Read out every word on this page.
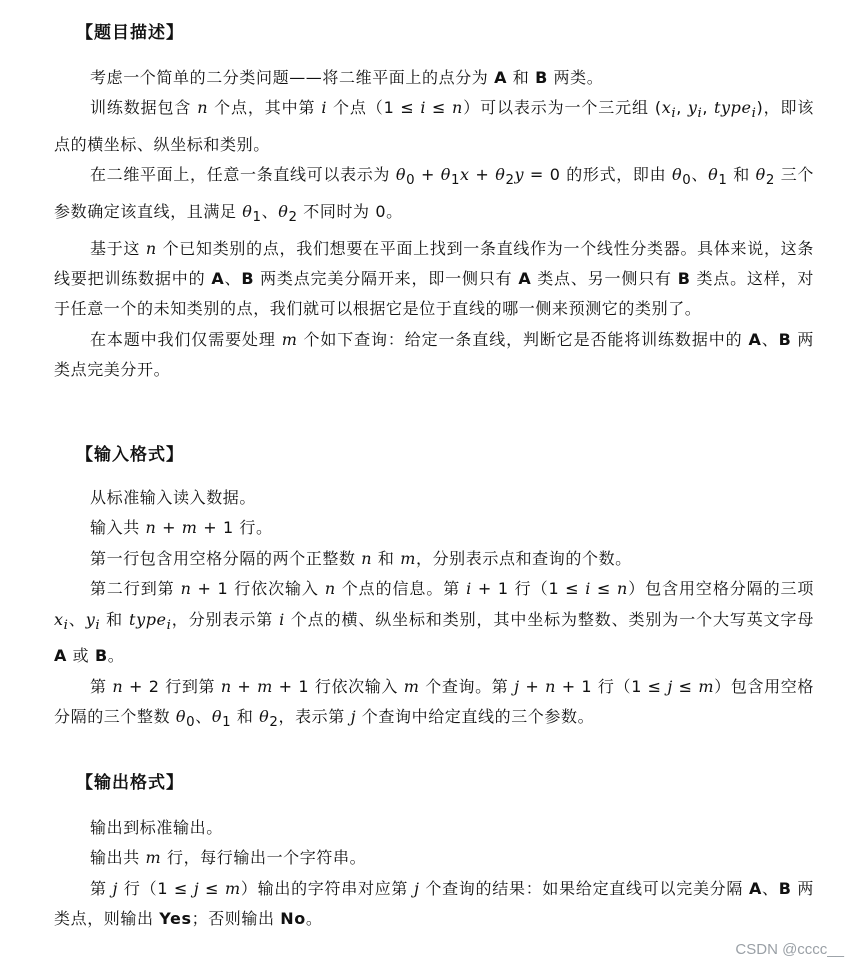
【题目描述】

考虑一个简单的二分类问题——将二维平面上的点分为 A 和 B 两类。

训练数据包含 n 个点，其中第 i 个点（1 ≤ i ≤ n）可以表示为一个三元组 ($x_i$, $y_i$, type$_i$)，即该点的横坐标、纵坐标和类别。

在二维平面上，任意一条直线可以表示为 $\theta_0 + \theta_1x + \theta_2y = 0$ 的形式，即由 $\theta_0$、$\theta_1$ 和 $\theta_2$ 三个参数确定该直线，且满足 $\theta_1$、$\theta_2$ 不同时为 0。

基于这 n 个已知类别的点，我们想要在平面上找到一条直线作为一个线性分类器。具体来说，这条线要把训练数据中的 A、B 两类点完美分隔开来，即一侧只有 A 类点、另一侧只有 B 类点。这样，对于任意一个的未知类别的点，我们就可以根据它是位于直线的哪一侧来预测它的类别了。

在本题中我们仅需要处理 m 个如下查询：给定一条直线，判断它是否能将训练数据中的 A、B 两类点完美分开。

【输入格式】

从标准输入读入数据。

输入共 n + m + 1 行。

第一行包含用空格分隔的两个正整数 n 和 m，分别表示点和查询的个数。

第二行到第 n + 1 行依次输入 n 个点的信息。第 i + 1 行（1 ≤ i ≤ n）包含用空格分隔的三项 $x_i$、$y_i$ 和 type$_i$，分别表示第 i 个点的横、纵坐标和类别，其中坐标为整数、类别为一个大写英文字母 A 或 B。

第 n + 2 行到第 n + m + 1 行依次输入 m 个查询。第 j + n + 1 行（1 ≤ j ≤ m）包含用空格分隔的三个整数 $\theta_0$、$\theta_1$ 和 $\theta_2$，表示第 j 个查询中给定直线的三个参数。

【输出格式】

输出到标准输出。

输出共 m 行，每行输出一个字符串。

第 j 行（1 ≤ j ≤ m）输出的字符串对应第 j 个查询的结果：如果给定直线可以完美分隔 A、B 两类点，则输出 Yes；否则输出 No。

CSDN @cccc__
